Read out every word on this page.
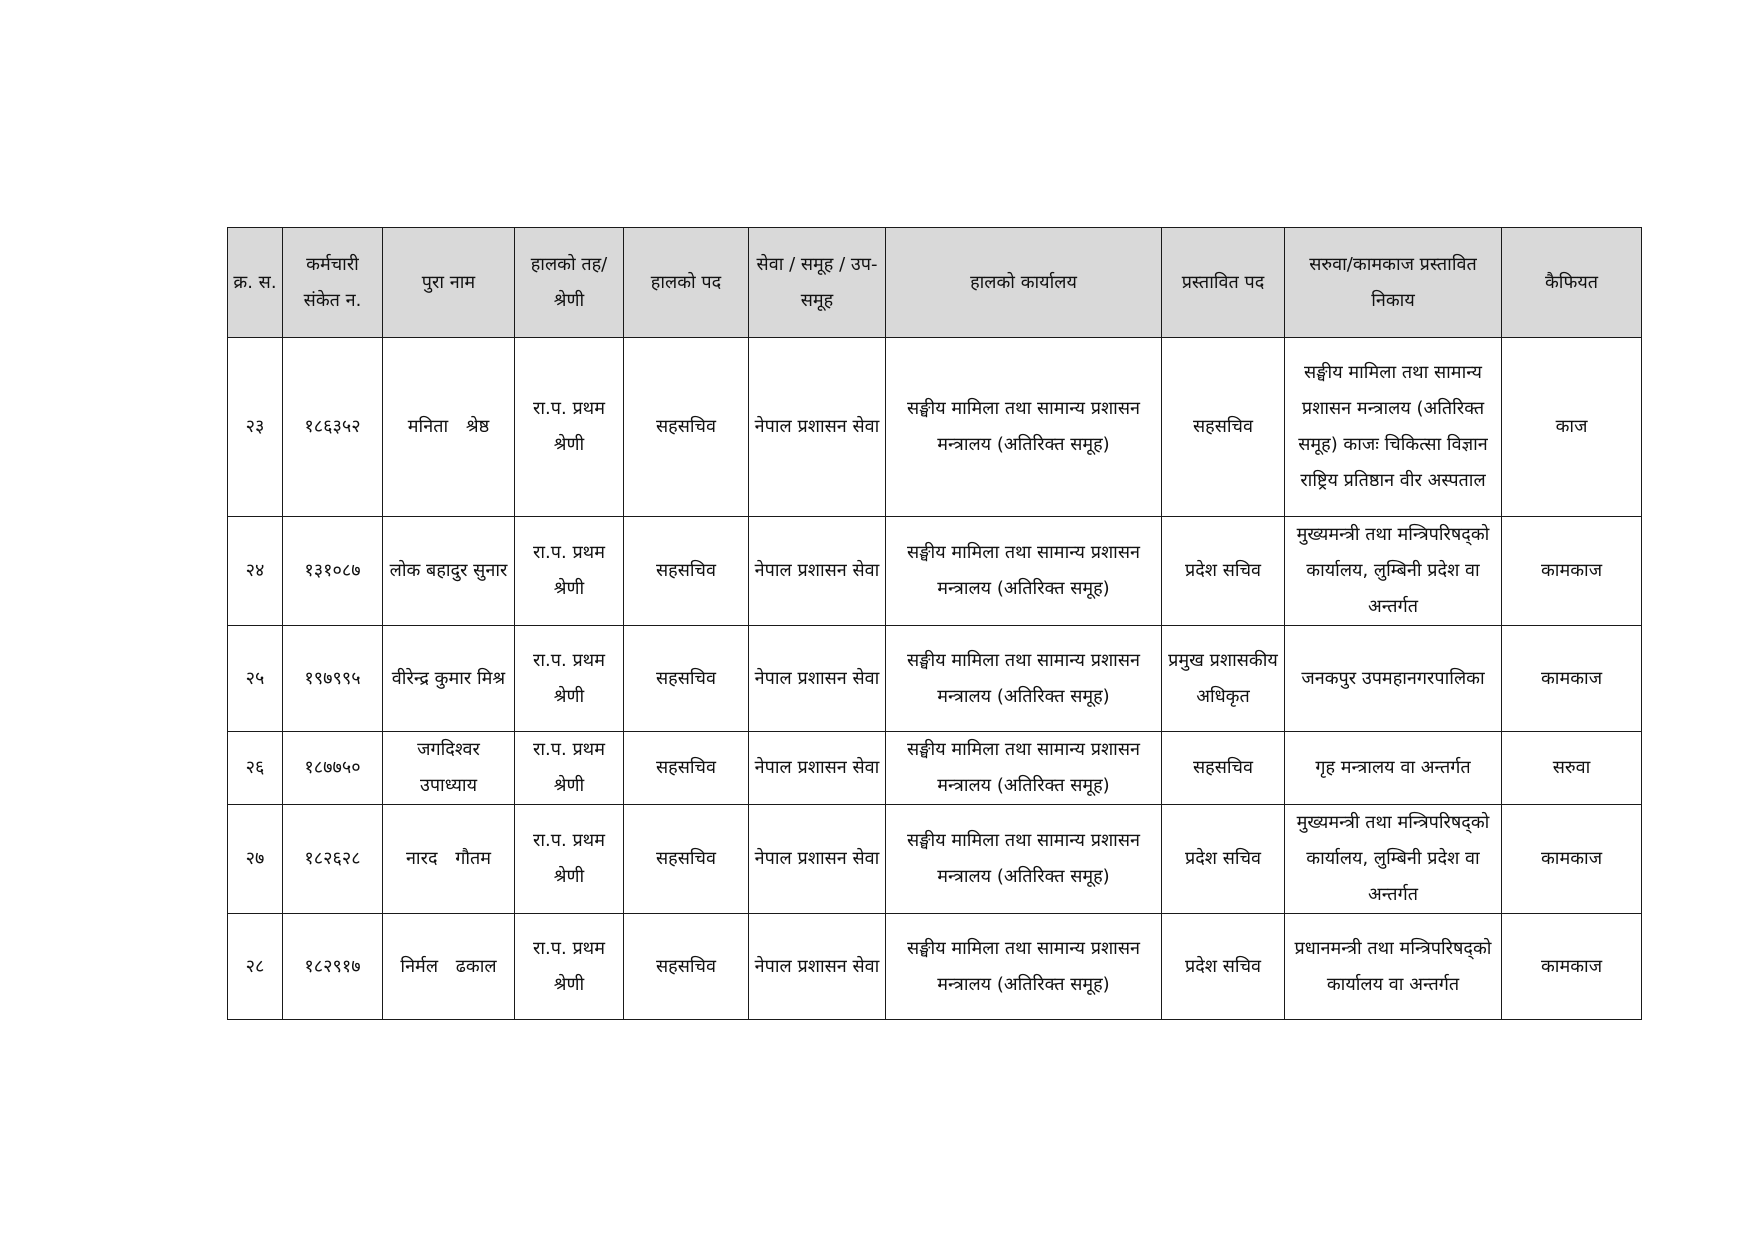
क्र. स.	कर्मचारी संकेत न.	पुरा नाम	हालको तह/श्रेणी	हालको पद	सेवा / समूह / उप-समूह	हालको कार्यालय	प्रस्तावित पद	सरुवा/कामकाज प्रस्तावित निकाय	कैफियत
२३	१८६३५२	मनिता श्रेष्ठ	रा.प. प्रथम श्रेणी	सहसचिव	नेपाल प्रशासन सेवा	सङ्घीय मामिला तथा सामान्य प्रशासन मन्त्रालय (अतिरिक्त समूह)	सहसचिव	सङ्घीय मामिला तथा सामान्य प्रशासन मन्त्रालय (अतिरिक्त समूह) काजः चिकित्सा विज्ञान राष्ट्रिय प्रतिष्ठान वीर अस्पताल	काज
२४	१३१०८७	लोक बहादुर सुनार	रा.प. प्रथम श्रेणी	सहसचिव	नेपाल प्रशासन सेवा	सङ्घीय मामिला तथा सामान्य प्रशासन मन्त्रालय (अतिरिक्त समूह)	प्रदेश सचिव	मुख्यमन्त्री तथा मन्त्रिपरिषद्को कार्यालय, लुम्बिनी प्रदेश वा अन्तर्गत	कामकाज
२५	१९७९९५	वीरेन्द्र कुमार मिश्र	रा.प. प्रथम श्रेणी	सहसचिव	नेपाल प्रशासन सेवा	सङ्घीय मामिला तथा सामान्य प्रशासन मन्त्रालय (अतिरिक्त समूह)	प्रमुख प्रशासकीय अधिकृत	जनकपुर उपमहानगरपालिका	कामकाज
२६	१८७७५०	जगदिश्वर उपाध्याय	रा.प. प्रथम श्रेणी	सहसचिव	नेपाल प्रशासन सेवा	सङ्घीय मामिला तथा सामान्य प्रशासन मन्त्रालय (अतिरिक्त समूह)	सहसचिव	गृह मन्त्रालय वा अन्तर्गत	सरुवा
२७	१८२६२८	नारद गौतम	रा.प. प्रथम श्रेणी	सहसचिव	नेपाल प्रशासन सेवा	सङ्घीय मामिला तथा सामान्य प्रशासन मन्त्रालय (अतिरिक्त समूह)	प्रदेश सचिव	मुख्यमन्त्री तथा मन्त्रिपरिषद्को कार्यालय, लुम्बिनी प्रदेश वा अन्तर्गत	कामकाज
२८	१८२९१७	निर्मल ढकाल	रा.प. प्रथम श्रेणी	सहसचिव	नेपाल प्रशासन सेवा	सङ्घीय मामिला तथा सामान्य प्रशासन मन्त्रालय (अतिरिक्त समूह)	प्रदेश सचिव	प्रधानमन्त्री तथा मन्त्रिपरिषद्को कार्यालय वा अन्तर्गत	कामकाज
